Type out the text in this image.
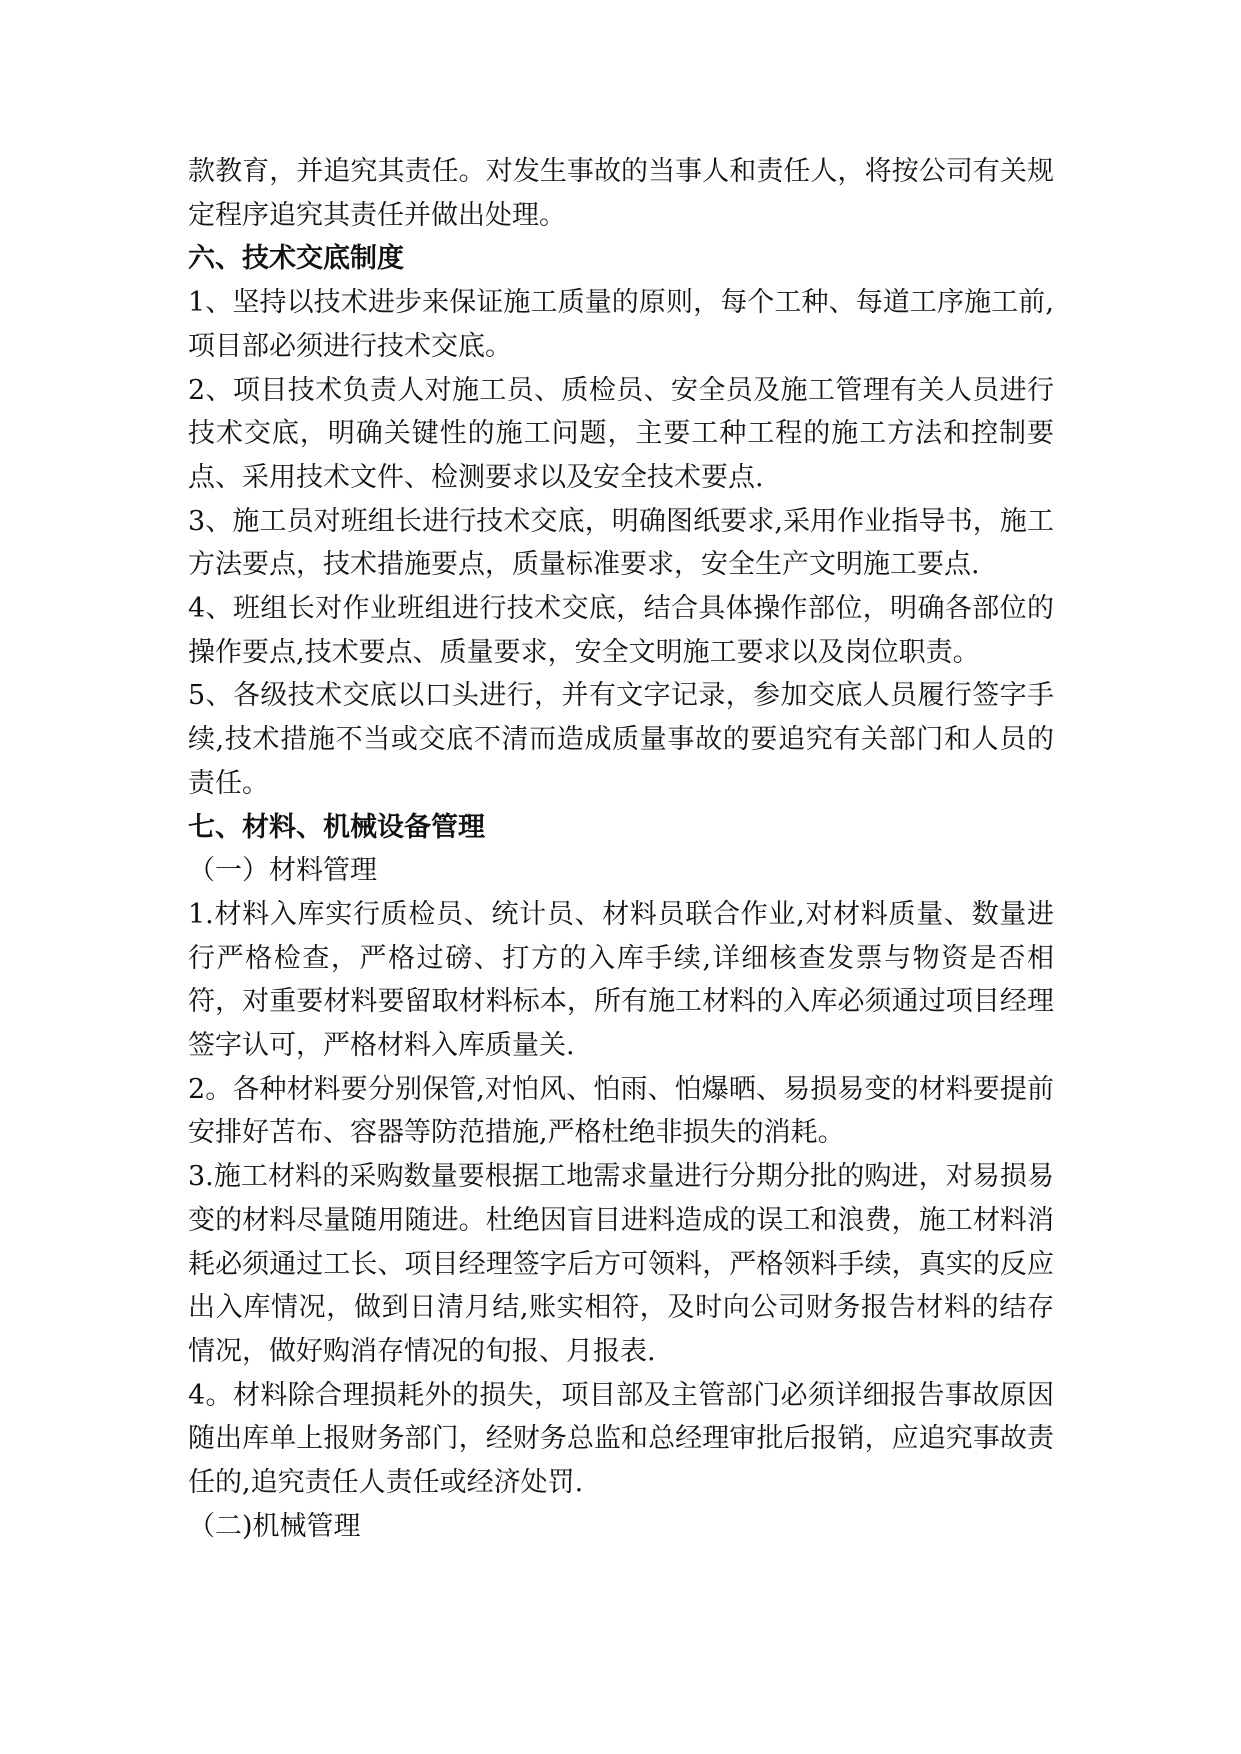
款教育，并追究其责任。对发生事故的当事人和责任人，将按公司有关规定程序追究其责任并做出处理。

六、技术交底制度

1、坚持以技术进步来保证施工质量的原则，每个工种、每道工序施工前,项目部必须进行技术交底。

2、项目技术负责人对施工员、质检员、安全员及施工管理有关人员进行技术交底，明确关键性的施工问题，主要工种工程的施工方法和控制要点、采用技术文件、检测要求以及安全技术要点.

3、施工员对班组长进行技术交底，明确图纸要求,采用作业指导书，施工方法要点，技术措施要点，质量标准要求，安全生产文明施工要点.

4、班组长对作业班组进行技术交底，结合具体操作部位，明确各部位的操作要点,技术要点、质量要求，安全文明施工要求以及岗位职责。

5、各级技术交底以口头进行，并有文字记录，参加交底人员履行签字手续,技术措施不当或交底不清而造成质量事故的要追究有关部门和人员的责任。

七、材料、机械设备管理

（一）材料管理

1.材料入库实行质检员、统计员、材料员联合作业,对材料质量、数量进行严格检查，严格过磅、打方的入库手续,详细核查发票与物资是否相符，对重要材料要留取材料标本，所有施工材料的入库必须通过项目经理签字认可，严格材料入库质量关.

2。各种材料要分别保管,对怕风、怕雨、怕爆晒、易损易变的材料要提前安排好苫布、容器等防范措施,严格杜绝非损失的消耗。

3.施工材料的采购数量要根据工地需求量进行分期分批的购进，对易损易变的材料尽量随用随进。杜绝因盲目进料造成的误工和浪费，施工材料消耗必须通过工长、项目经理签字后方可领料，严格领料手续，真实的反应出入库情况，做到日清月结,账实相符，及时向公司财务报告材料的结存情况，做好购消存情况的旬报、月报表.

4。材料除合理损耗外的损失，项目部及主管部门必须详细报告事故原因随出库单上报财务部门，经财务总监和总经理审批后报销，应追究事故责任的,追究责任人责任或经济处罚.

（二)机械管理
